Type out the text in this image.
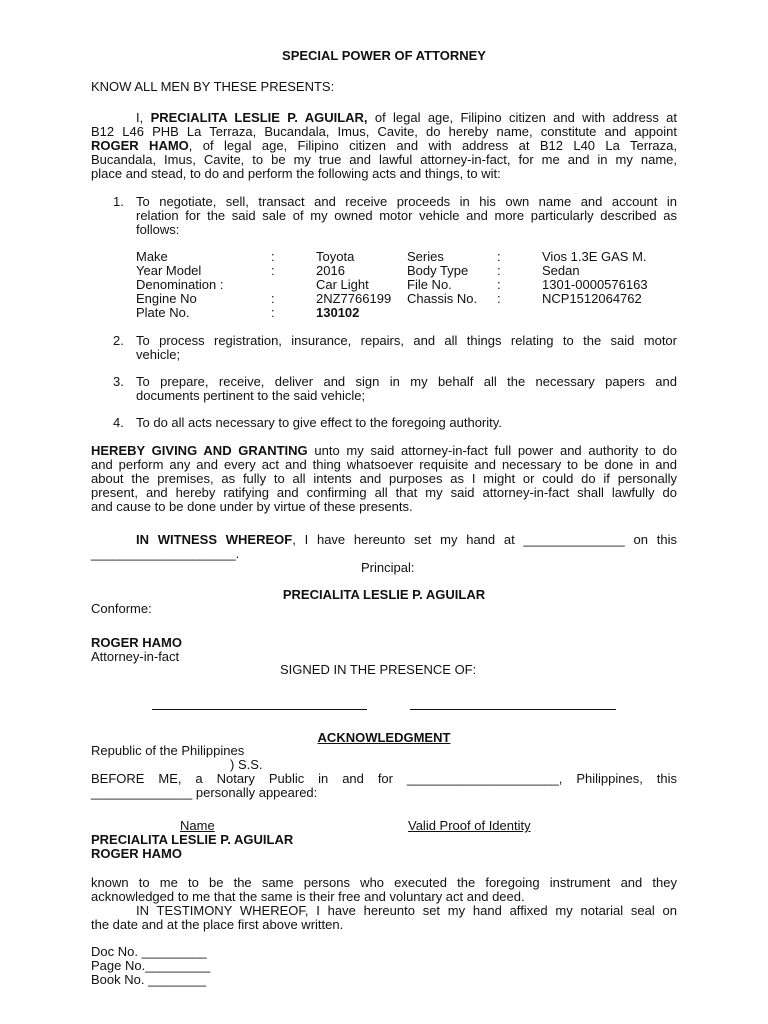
SPECIAL POWER OF ATTORNEY
KNOW ALL MEN BY THESE PRESENTS:
I, PRECIALITA LESLIE P. AGUILAR, of legal age, Filipino citizen and with address at
B12 L46 PHB La Terraza, Bucandala, Imus, Cavite, do hereby name, constitute and appoint
ROGER HAMO, of legal age, Filipino citizen and with address at B12 L40 La Terraza,
Bucandala, Imus, Cavite, to be my true and lawful attorney-in-fact, for me and in my name,
place and stead, to do and perform the following acts and things, to wit:
1. To negotiate, sell, transact and receive proceeds in his own name and account in
relation for the said sale of my owned motor vehicle and more particularly described as
follows:
Make	:	Toyota	Series	:	Vios 1.3E GAS M.
Year Model	:	2016	Body Type :	Sedan
Denomination :	Car Light	File No.	:	1301-0000576163
Engine No	:	2NZ7766199 Chassis No. :	NCP1512064762
Plate No.	:	130102
2. To process registration, insurance, repairs, and all things relating to the said motor
vehicle;
3. To prepare, receive, deliver and sign in my behalf all the necessary papers and
documents pertinent to the said vehicle;
4. To do all acts necessary to give effect to the foregoing authority.
HEREBY GIVING AND GRANTING unto my said attorney-in-fact full power and authority to do
and perform any and every act and thing whatsoever requisite and necessary to be done in and
about the premises, as fully to all intents and purposes as I might or could do if personally
present, and hereby ratifying and confirming all that my said attorney-in-fact shall lawfully do
and cause to be done under by virtue of these presents.
IN WITNESS WHEREOF, I have hereunto set my hand at ______________ on this
____________________.
Principal:
PRECIALITA LESLIE P. AGUILAR
Conforme:
ROGER HAMO
Attorney-in-fact
SIGNED IN THE PRESENCE OF:
ACKNOWLEDGMENT
Republic of the Philippines
) S.S.
BEFORE ME, a Notary Public in and for _____________________, Philippines, this
______________ personally appeared:
Name	Valid Proof of Identity
PRECIALITA LESLIE P. AGUILAR
ROGER HAMO
known to me to be the same persons who executed the foregoing instrument and they
acknowledged to me that the same is their free and voluntary act and deed.
IN TESTIMONY WHEREOF, I have hereunto set my hand affixed my notarial seal on
the date and at the place first above written.
Doc No. _________
Page No._________
Book No. ________
